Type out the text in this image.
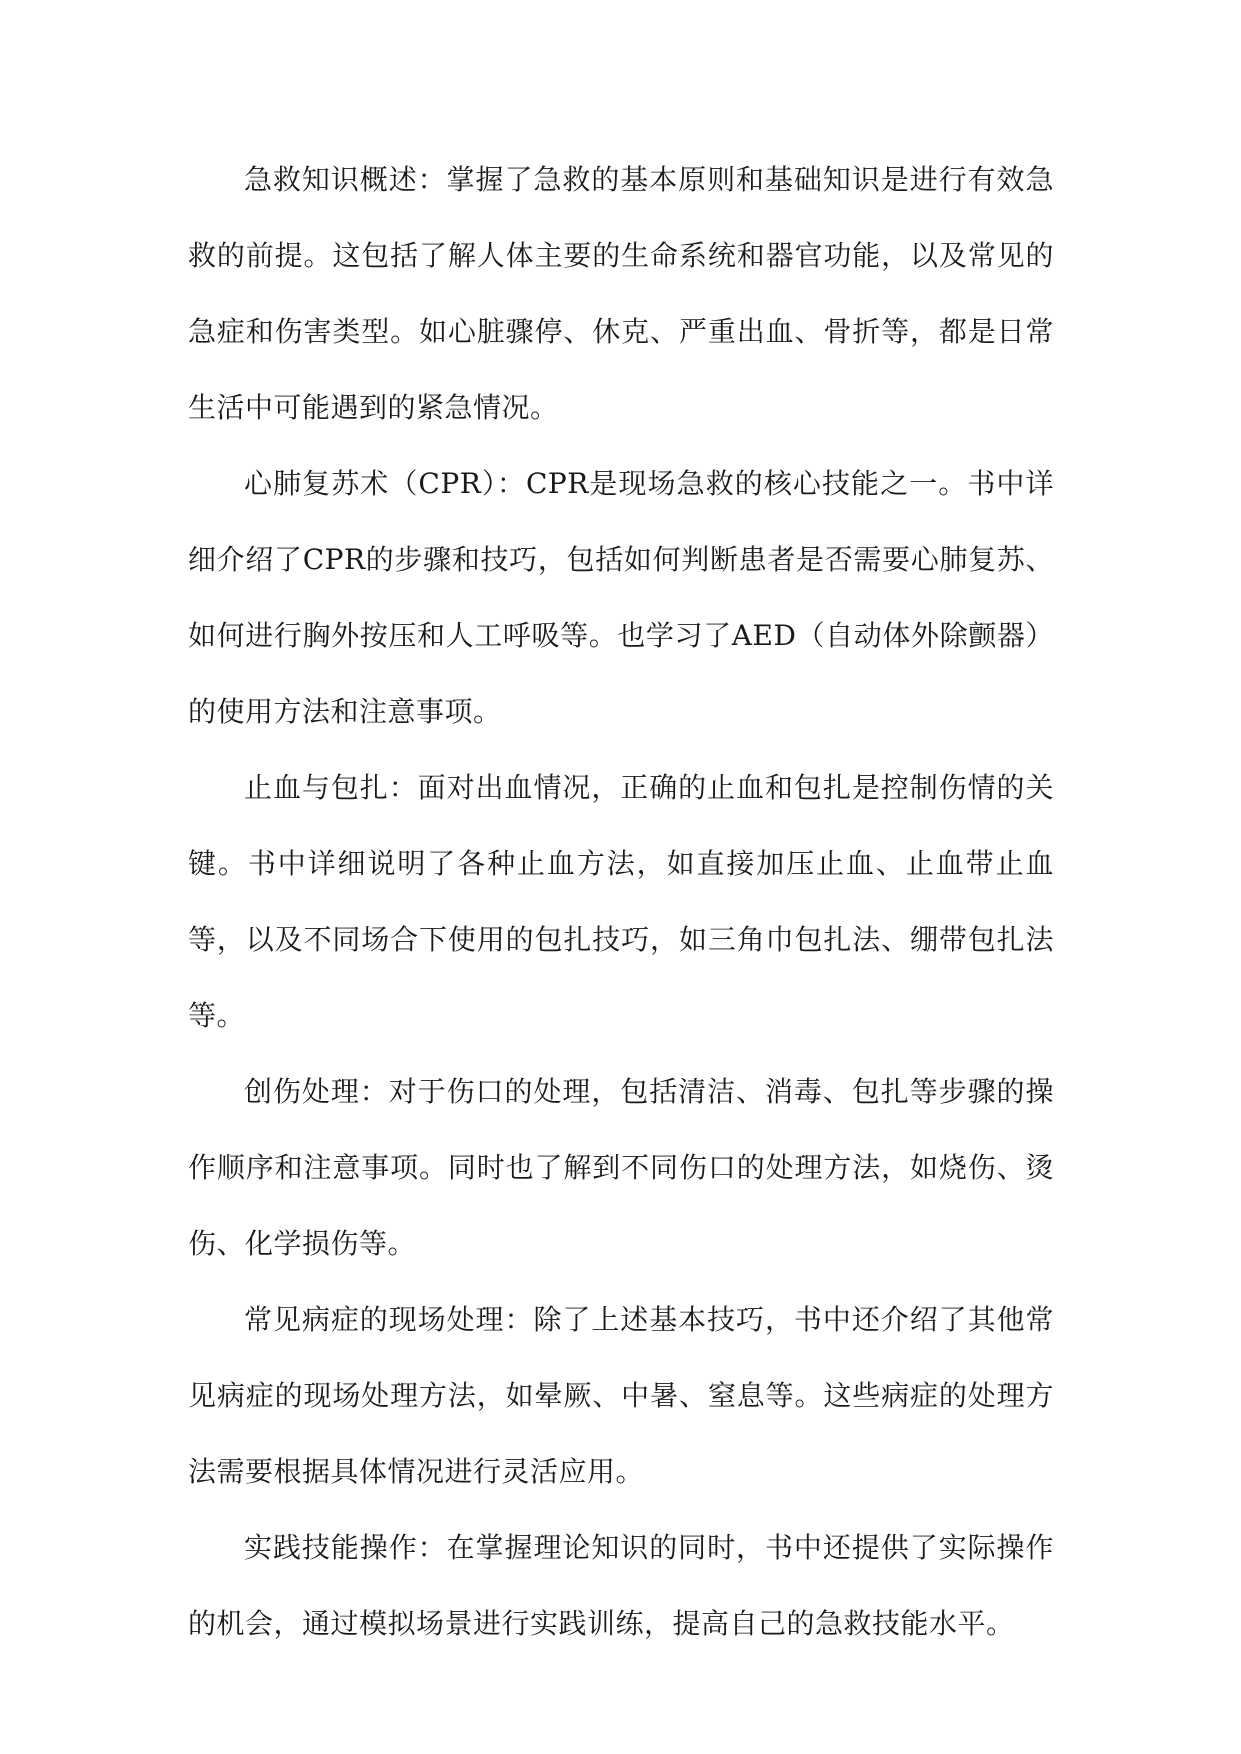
急救知识概述：掌握了急救的基本原则和基础知识是进行有效急救的前提。这包括了解人体主要的生命系统和器官功能，以及常见的急症和伤害类型。如心脏骤停、休克、严重出血、骨折等，都是日常生活中可能遇到的紧急情况。

心肺复苏术（CPR）：CPR是现场急救的核心技能之一。书中详细介绍了CPR的步骤和技巧，包括如何判断患者是否需要心肺复苏、如何进行胸外按压和人工呼吸等。也学习了AED（自动体外除颤器）的使用方法和注意事项。

止血与包扎：面对出血情况，正确的止血和包扎是控制伤情的关键。书中详细说明了各种止血方法，如直接加压止血、止血带止血等，以及不同场合下使用的包扎技巧，如三角巾包扎法、绷带包扎法等。

创伤处理：对于伤口的处理，包括清洁、消毒、包扎等步骤的操作顺序和注意事项。同时也了解到不同伤口的处理方法，如烧伤、烫伤、化学损伤等。

常见病症的现场处理：除了上述基本技巧，书中还介绍了其他常见病症的现场处理方法，如晕厥、中暑、窒息等。这些病症的处理方法需要根据具体情况进行灵活应用。

实践技能操作：在掌握理论知识的同时，书中还提供了实际操作的机会，通过模拟场景进行实践训练，提高自己的急救技能水平。
